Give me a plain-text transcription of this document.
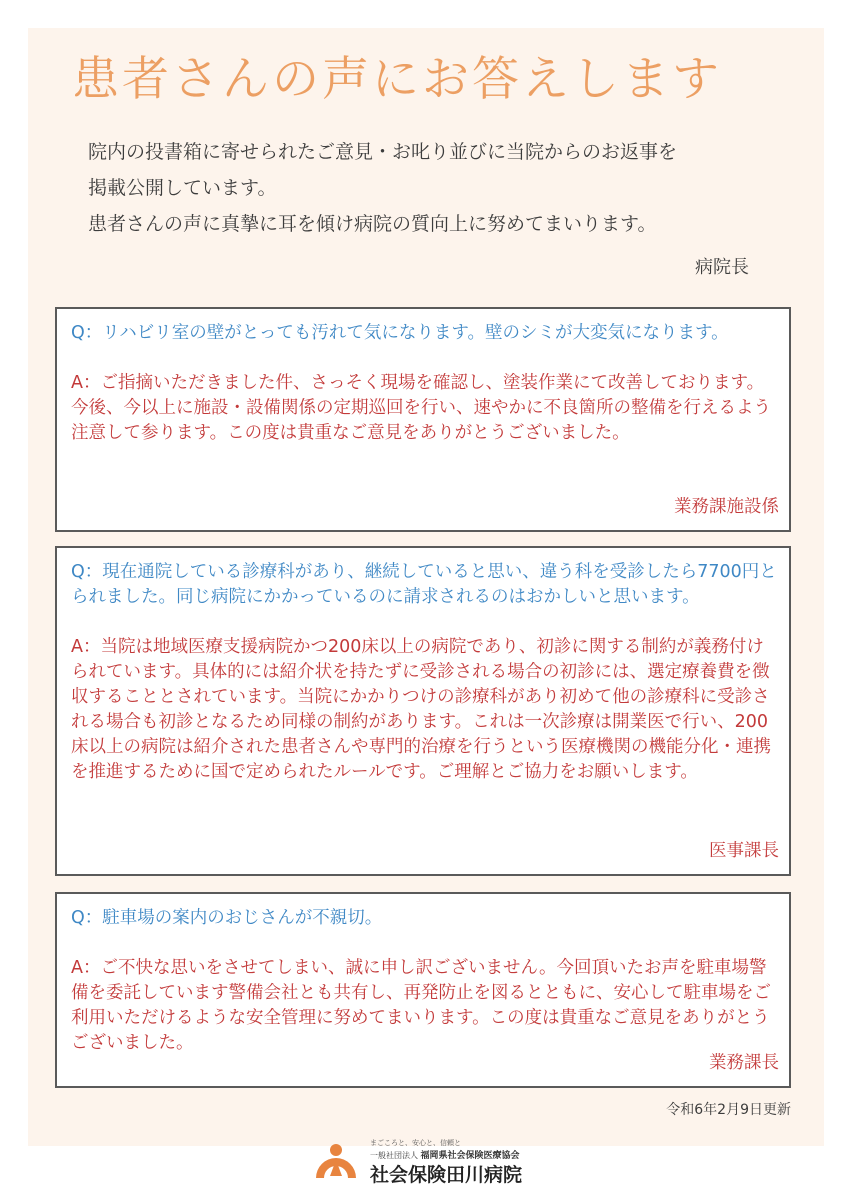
患者さんの声にお答えします
院内の投書箱に寄せられたご意見・お叱り並びに当院からのお返事を
掲載公開しています。
患者さんの声に真摯に耳を傾け病院の質向上に努めてまいります。
病院長

Q：リハビリ室の壁がとっても汚れて気になります。壁のシミが大変気になります。

A：ご指摘いただきました件、さっそく現場を確認し、塗装作業にて改善しております。今後、今以上に施設・設備関係の定期巡回を行い、速やかに不良箇所の整備を行えるよう注意して参ります。この度は貴重なご意見をありがとうございました。

業務課施設係

Q：現在通院している診療科があり、継続していると思い、違う科を受診したら7700円とられました。同じ病院にかかっているのに請求されるのはおかしいと思います。

A：当院は地域医療支援病院かつ200床以上の病院であり、初診に関する制約が義務付けられています。具体的には紹介状を持たずに受診される場合の初診には、選定療養費を徴収することとされています。当院にかかりつけの診療科があり初めて他の診療科に受診される場合も初診となるため同様の制約があります。これは一次診療は開業医で行い、200床以上の病院は紹介された患者さんや専門的治療を行うという医療機関の機能分化・連携を推進するために国で定められたルールです。ご理解とご協力をお願いします。

医事課長

Q：駐車場の案内のおじさんが不親切。

A：ご不快な思いをさせてしまい、誠に申し訳ございません。今回頂いたお声を駐車場警備を委託しています警備会社とも共有し、再発防止を図るとともに、安心して駐車場をご利用いただけるような安全管理に努めてまいります。この度は貴重なご意見をありがとうございました。

業務課長
令和6年2月9日更新
まごころと、安心と、信頼と
一般社団法人 福岡県社会保険医療協会
社会保険田川病院
